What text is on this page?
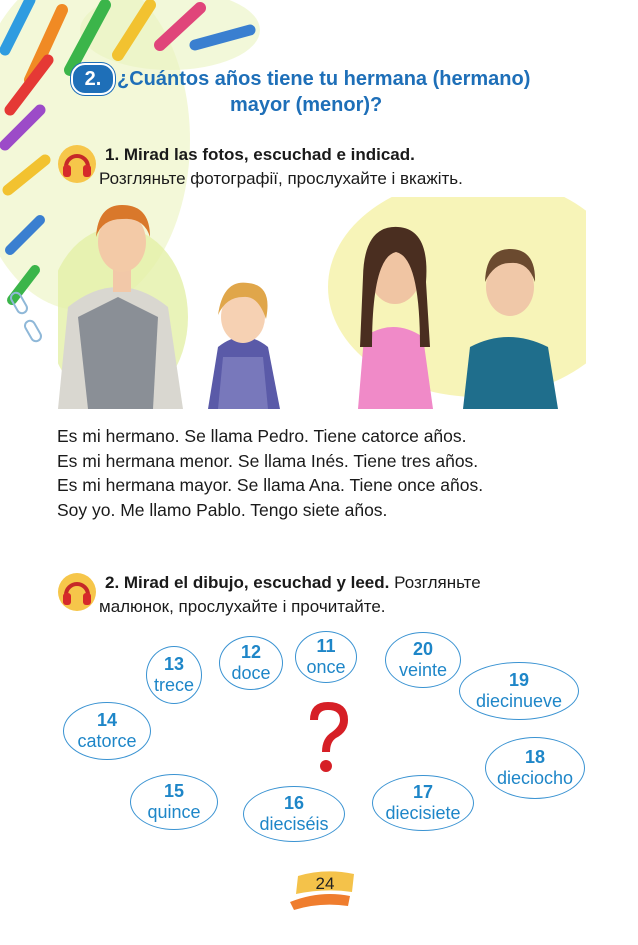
2. ¿Cuántos años tiene tu hermana (hermano)
mayor (menor)?
1. Mirad las fotos, escuchad e indicad.
Розгляньте фотографії, прослухайте і вкажіть.

Es mi hermano. Se llama Pedro. Tiene catorce años.

Es mi hermana menor. Se llama Inés. Tiene tres años.

Es mi hermana mayor. Se llama Ana. Tiene once años.

Soy yo. Me llamo Pablo. Tengo siete años.

2. Mirad el dibujo, escuchad y leed. Розгляньте
малюнок, прослухайте і прочитайте.
11
once
12
doce
13
trece
14
catorce
15
quince	16
dieciséis
17
diecisiete
18
dieciocho
19
diecinueve
20
veinte
24
